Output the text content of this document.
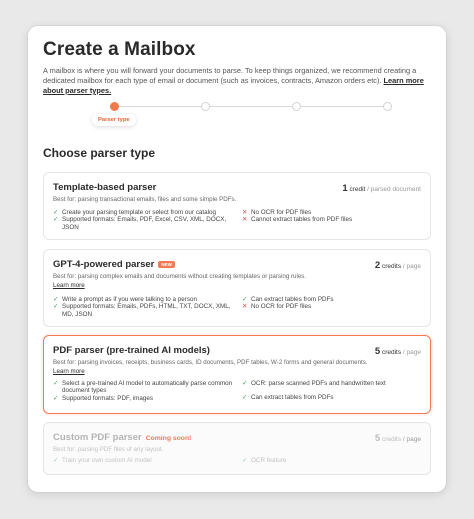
Create a Mailbox
A mailbox is where you will forward your documents to parse. To keep things organized, we recommend creating a dedicated mailbox for each type of email or document (such as invoices, contracts, Amazon orders etc). Learn more about parser types.
Parser type
Choose parser type
Template-based parser	1 credit / parsed document
Best for: parsing transactional emails, files and some simple PDFs.
✓ Create your parsing template or select from our catalog
✓ Supported formats: Emails, PDF, Excel, CSV, XML, DOCX, JSON
✕ No OCR for PDF files
✕ Cannot extract tables from PDF files
GPT-4-powered parser NEW	2 credits / page
Best for: parsing complex emails and documents without creating templates or parsing rules.
Learn more
✓ Write a prompt as if you were talking to a person
✓ Supported formats: Emails, PDFs, HTML, TXT, DOCX, XML, MD, JSON
✓ Can extract tables from PDFs
✕ No OCR for PDF files
PDF parser (pre-trained AI models)	5 credits / page
Best for: parsing invoices, receipts, business cards, ID documents, PDF tables, W-2 forms and general documents.
Learn more
✓ Select a pre-trained AI model to automatically parse common document types
✓ Supported formats: PDF, images
✓ OCR: parse scanned PDFs and handwritten text
✓ Can extract tables from PDFs
Custom PDF parser Coming soon!	5 credits / page
Best for: parsing PDF files of any layout.
✓ Train your own custom AI model	✓ OCR feature
